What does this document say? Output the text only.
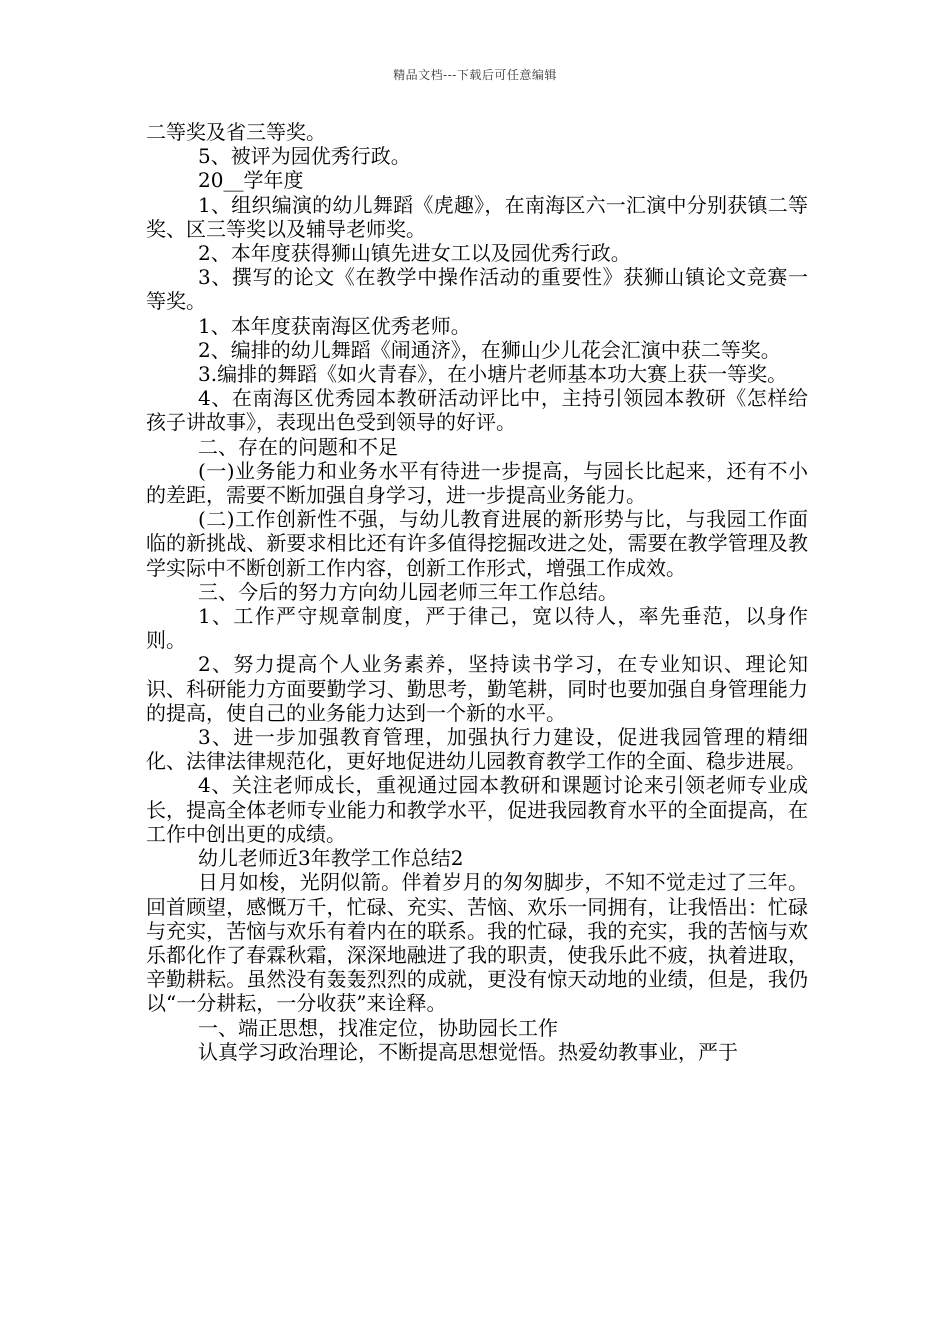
精品文档---下载后可任意编辑

二等奖及省三等奖。

5、被评为园优秀行政。

20__学年度

1、组织编演的幼儿舞蹈《虎趣》，在南海区六一汇演中分别获镇二等奖、区三等奖以及辅导老师奖。

2、本年度获得狮山镇先进女工以及园优秀行政。

3、撰写的论文《在教学中操作活动的重要性》获狮山镇论文竞赛一等奖。

1、本年度获南海区优秀老师。

2、编排的幼儿舞蹈《闹通济》，在狮山少儿花会汇演中获二等奖。

3.编排的舞蹈《如火青春》，在小塘片老师基本功大赛上获一等奖。

4、在南海区优秀园本教研活动评比中，主持引领园本教研《怎样给孩子讲故事》，表现出色受到领导的好评。

二、存在的问题和不足

(一)业务能力和业务水平有待进一步提高，与园长比起来，还有不小的差距，需要不断加强自身学习，进一步提高业务能力。

(二)工作创新性不强，与幼儿教育进展的新形势与比，与我园工作面临的新挑战、新要求相比还有许多值得挖掘改进之处，需要在教学管理及教学实际中不断创新工作内容，创新工作形式，增强工作成效。

三、今后的努力方向幼儿园老师三年工作总结。

1、工作严守规章制度，严于律己，宽以待人，率先垂范，以身作则。

2、努力提高个人业务素养，坚持读书学习，在专业知识、理论知识、科研能力方面要勤学习、勤思考，勤笔耕，同时也要加强自身管理能力的提高，使自己的业务能力达到一个新的水平。

3、进一步加强教育管理，加强执行力建设，促进我园管理的精细化、法律法律规范化，更好地促进幼儿园教育教学工作的全面、稳步进展。

4、关注老师成长，重视通过园本教研和课题讨论来引领老师专业成长，提高全体老师专业能力和教学水平，促进我园教育水平的全面提高，在工作中创出更的成绩。

幼儿老师近3年教学工作总结2

日月如梭，光阴似箭。伴着岁月的匆匆脚步，不知不觉走过了三年。回首顾望，感慨万千，忙碌、充实、苦恼、欢乐一同拥有，让我悟出：忙碌与充实，苦恼与欢乐有着内在的联系。我的忙碌，我的充实，我的苦恼与欢乐都化作了春霖秋霜，深深地融进了我的职责，使我乐此不疲，执着进取，辛勤耕耘。虽然没有轰轰烈烈的成就，更没有惊天动地的业绩，但是，我仍以“一分耕耘，一分收获”来诠释。

一、端正思想，找准定位，协助园长工作

认真学习政治理论，不断提高思想觉悟。热爱幼教事业，严于
